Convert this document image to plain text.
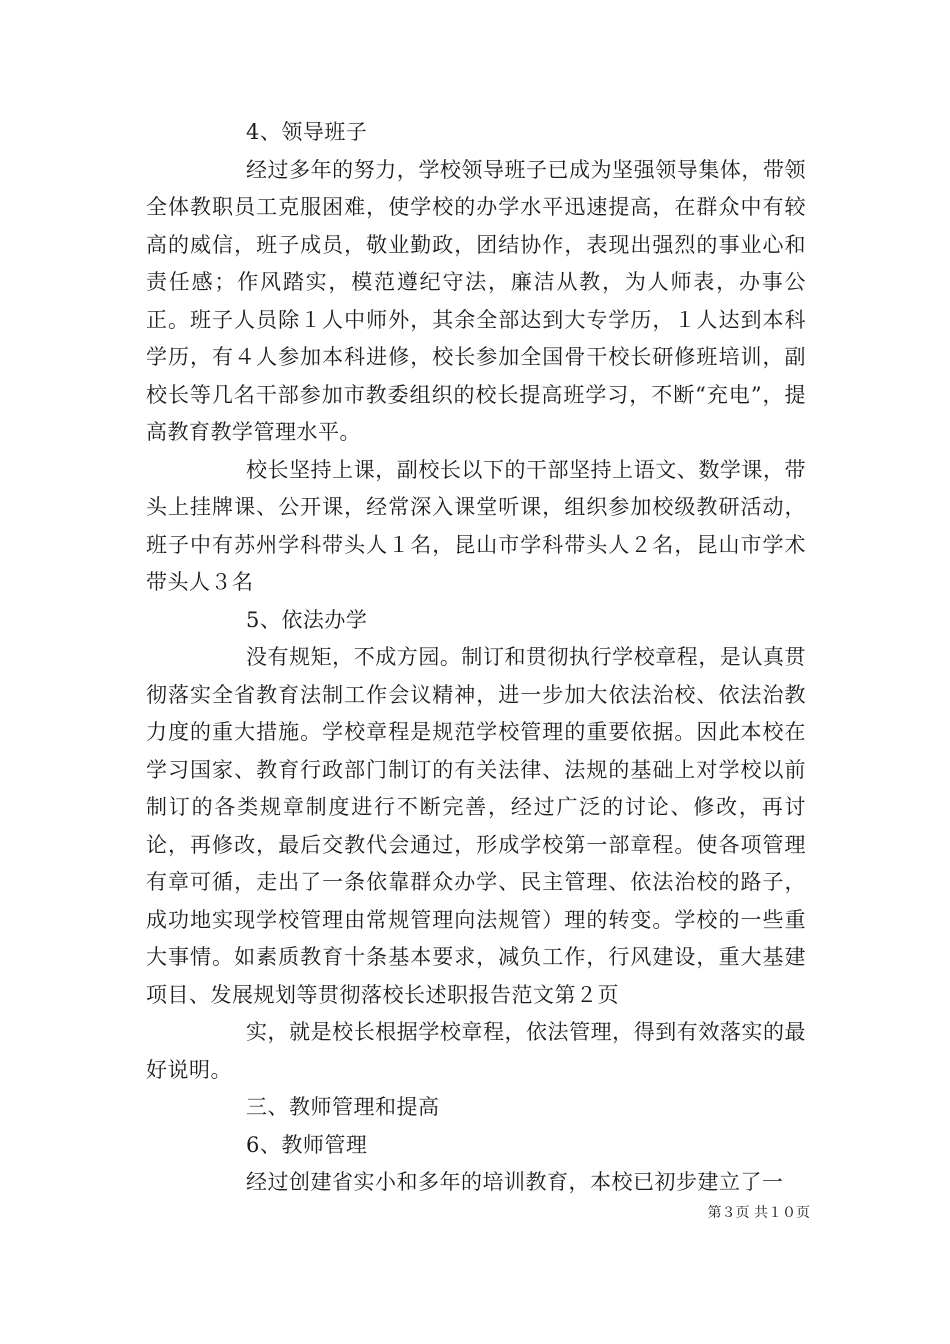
4、领导班子

经过多年的努力，学校领导班子已成为坚强领导集体，带领全体教职员工克服困难，使学校的办学水平迅速提高，在群众中有较高的威信，班子成员，敬业勤政，团结协作，表现出强烈的事业心和责任感；作风踏实，模范遵纪守法，廉洁从教，为人师表，办事公正。班子人员除１人中师外，其余全部达到大专学历，１人达到本科学历，有４人参加本科进修，校长参加全国骨干校长研修班培训，副校长等几名干部参加市教委组织的校长提高班学习，不断“充电”，提高教育教学管理水平。

校长坚持上课，副校长以下的干部坚持上语文、数学课，带头上挂牌课、公开课，经常深入课堂听课，组织参加校级教研活动，班子中有苏州学科带头人１名，昆山市学科带头人２名，昆山市学术带头人３名

5、依法办学

没有规矩，不成方园。制订和贯彻执行学校章程，是认真贯彻落实全省教育法制工作会议精神，进一步加大依法治校、依法治教力度的重大措施。学校章程是规范学校管理的重要依据。因此本校在学习国家、教育行政部门制订的有关法律、法规的基础上对学校以前制订的各类规章制度进行不断完善，经过广泛的讨论、修改，再讨论，再修改，最后交教代会通过，形成学校第一部章程。使各项管理有章可循，走出了一条依靠群众办学、民主管理、依法治校的路子，成功地实现学校管理由常规管理向法规管）理的转变。学校的一些重大事情。如素质教育十条基本要求，减负工作，行风建设，重大基建项目、发展规划等贯彻落校长述职报告范文第２页

实，就是校长根据学校章程，依法管理，得到有效落实的最好说明。

三、教师管理和提高

6、教师管理

经过创建省实小和多年的培训教育，本校已初步建立了一

第３页 共１０页
